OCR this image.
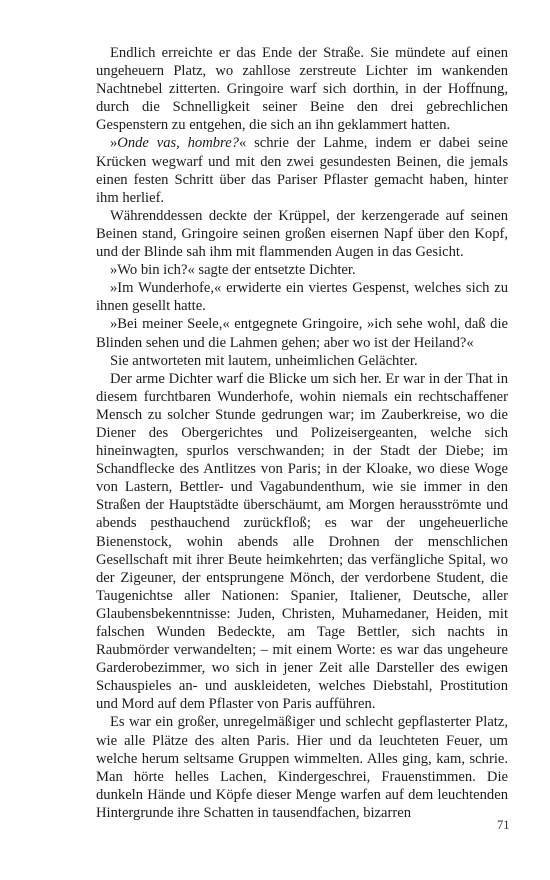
Endlich erreichte er das Ende der Straße. Sie mündete auf einen ungeheuern Platz, wo zahllose zerstreute Lichter im wankenden Nachtnebel zitterten. Gringoire warf sich dorthin, in der Hoffnung, durch die Schnelligkeit seiner Beine den drei gebrechlichen Gespenstern zu entgehen, die sich an ihn geklammert hatten.

»Onde vas, hombre?« schrie der Lahme, indem er dabei seine Krücken wegwarf und mit den zwei gesundesten Beinen, die jemals einen festen Schritt über das Pariser Pflaster gemacht haben, hinter ihm herlief.

Währenddessen deckte der Krüppel, der kerzengerade auf seinen Beinen stand, Gringoire seinen großen eisernen Napf über den Kopf, und der Blinde sah ihm mit flammenden Augen in das Gesicht.

»Wo bin ich?« sagte der entsetzte Dichter.

»Im Wunderhofe,« erwiderte ein viertes Gespenst, welches sich zu ihnen gesellt hatte.

»Bei meiner Seele,« entgegnete Gringoire, »ich sehe wohl, daß die Blinden sehen und die Lahmen gehen; aber wo ist der Heiland?«

Sie antworteten mit lautem, unheimlichen Gelächter.

Der arme Dichter warf die Blicke um sich her. Er war in der That in diesem furchtbaren Wunderhofe, wohin niemals ein rechtschaffener Mensch zu solcher Stunde gedrungen war; im Zauberkreise, wo die Diener des Obergerichtes und Polizeisergeanten, welche sich hineinwagten, spurlos verschwanden; in der Stadt der Diebe; im Schandflecke des Antlitzes von Paris; in der Kloake, wo diese Woge von Lastern, Bettler- und Vagabundenthum, wie sie immer in den Straßen der Hauptstädte überschäumt, am Morgen herausströmte und abends pesthauchend zurückfloß; es war der ungeheuerliche Bienenstock, wohin abends alle Drohnen der menschlichen Gesellschaft mit ihrer Beute heimkehrten; das verfängliche Spital, wo der Zigeuner, der entsprungene Mönch, der verdorbene Student, die Taugenichtse aller Nationen: Spanier, Italiener, Deutsche, aller Glaubensbekenntnisse: Juden, Christen, Muhamedaner, Heiden, mit falschen Wunden Bedeckte, am Tage Bettler, sich nachts in Raubmörder verwandelten; – mit einem Worte: es war das ungeheure Garderobezimmer, wo sich in jener Zeit alle Darsteller des ewigen Schauspieles an- und auskleideten, welches Diebstahl, Prostitution und Mord auf dem Pflaster von Paris aufführen.

Es war ein großer, unregelmäßiger und schlecht gepflasterter Platz, wie alle Plätze des alten Paris. Hier und da leuchteten Feuer, um welche herum seltsame Gruppen wimmelten. Alles ging, kam, schrie. Man hörte helles Lachen, Kindergeschrei, Frauenstimmen. Die dunkeln Hände und Köpfe dieser Menge warfen auf dem leuchtenden Hintergrunde ihre Schatten in tausendfachen, bizarren

71
